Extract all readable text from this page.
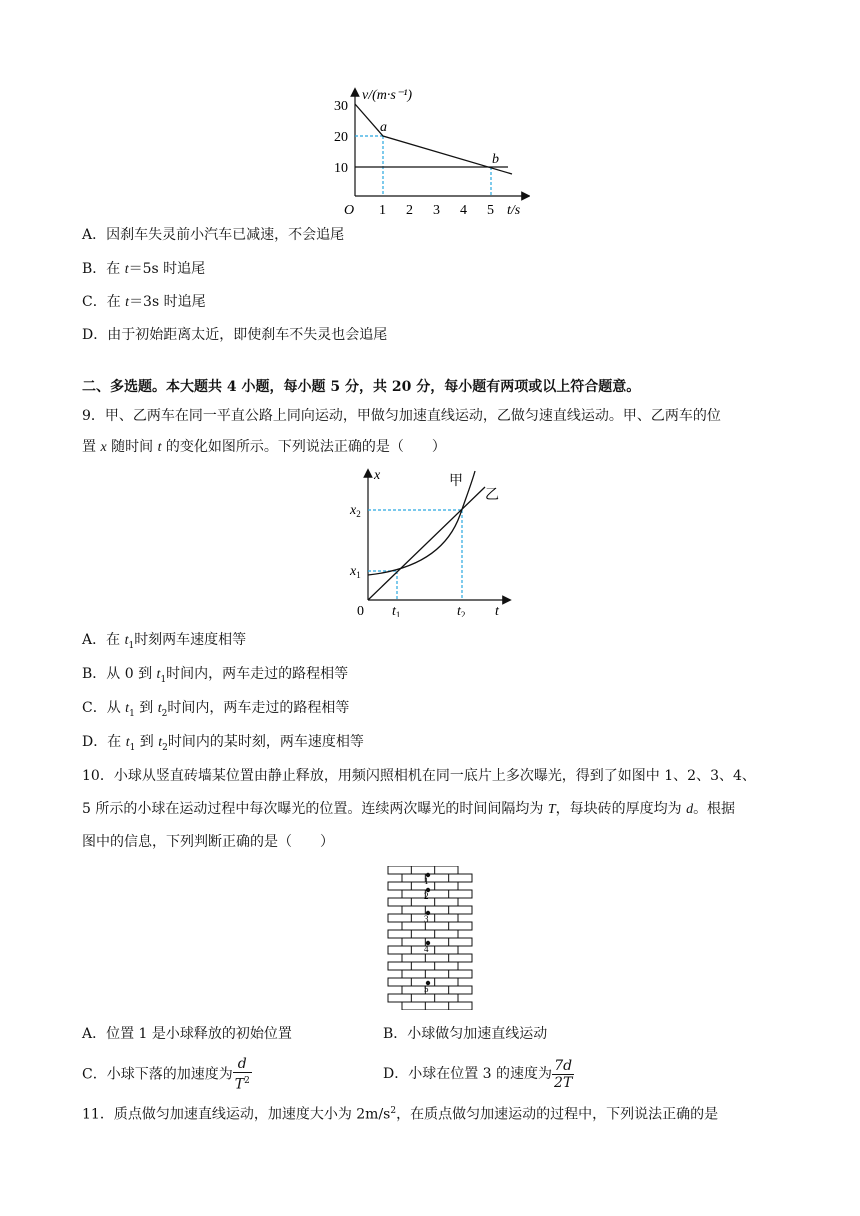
v/(m·s⁻¹)
30
20
10
O 1 2 3 4 5 t/s
a
b
A．因刹车失灵前小汽车已减速，不会追尾
B．在 t＝5s 时追尾
C．在 t＝3s 时追尾
D．由于初始距离太近，即使刹车不失灵也会追尾
二、多选题。本大题共 4 小题，每小题 5 分，共 20 分，每小题有两项或以上符合题意。
9．甲、乙两车在同一平直公路上同向运动，甲做匀加速直线运动，乙做匀速直线运动。甲、乙两车的位
置 x 随时间 t 的变化如图所示。下列说法正确的是（　　）
x	甲
乙
$x_2$
$x_1$
0 $t_1$	$t_2$ t
A．在 $t_1$时刻两车速度相等
B．从 0 到 $t_1$时间内，两车走过的路程相等
C．从 $t_1$ 到 $t_2$时间内，两车走过的路程相等
D．在 $t_1$ 到 $t_2$时间内的某时刻，两车速度相等
10．小球从竖直砖墙某位置由静止释放，用频闪照相机在同一底片上多次曝光，得到了如图中 1、2、3、4、
5 所示的小球在运动过程中每次曝光的位置。连续两次曝光的时间间隔均为 T，每块砖的厚度均为 d。根据
图中的信息，下列判断正确的是（　　）
1
2
3
4
5
A．位置 1 是小球释放的初始位置	B．小球做匀加速直线运动
C．小球下落的加速度为 $\frac{d}{T^2}$	D．小球在位置 3 的速度为 $\frac{7d}{2T}$
11．质点做匀加速直线运动，加速度大小为 $2m/s^2$，在质点做匀加速运动的过程中，下列说法正确的是
